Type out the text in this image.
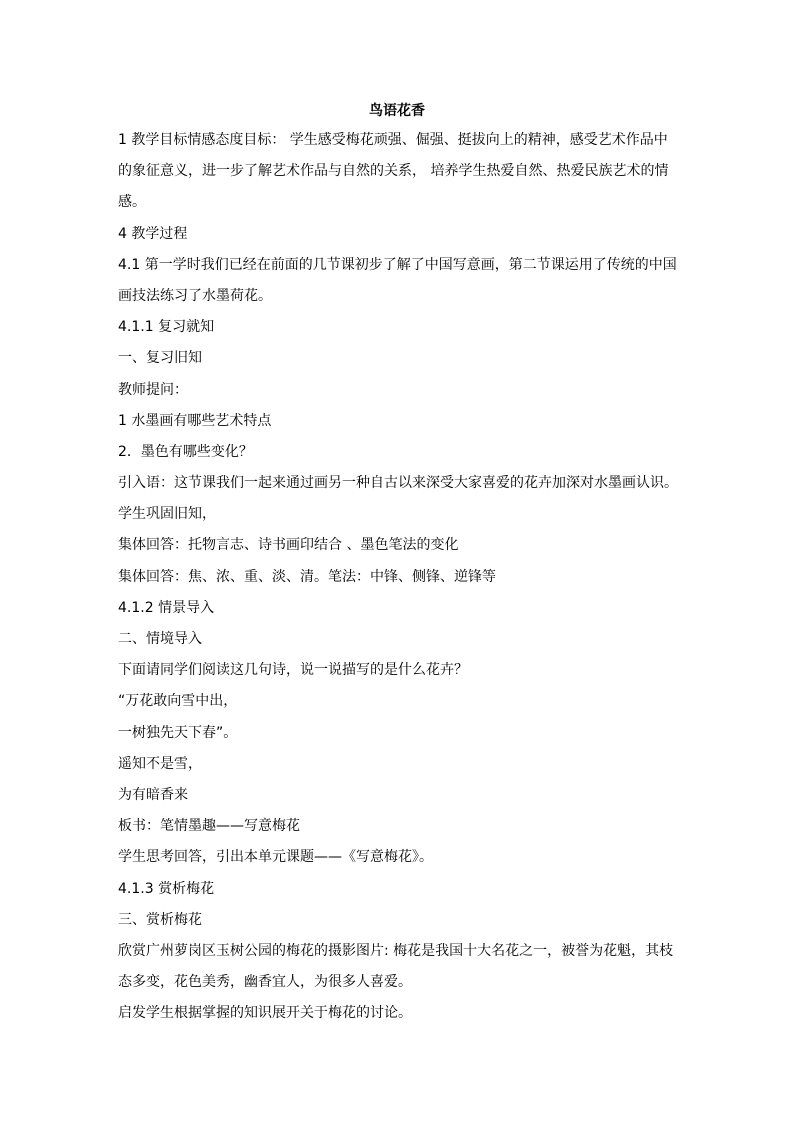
鸟语花香
1 教学目标情感态度目标： 学生感受梅花顽强、倔强、挺拔向上的精神，感受艺术作品中
的象征意义，进一步了解艺术作品与自然的关系， 培养学生热爱自然、热爱民族艺术的情
感。
4 教学过程
4.1 第一学时我们已经在前面的几节课初步了解了中国写意画，第二节课运用了传统的中国
画技法练习了水墨荷花。
4.1.1 复习就知
一、复习旧知
教师提问：
1 水墨画有哪些艺术特点
2．墨色有哪些变化？
引入语：这节课我们一起来通过画另一种自古以来深受大家喜爱的花卉加深对水墨画认识。
学生巩固旧知，
集体回答：托物言志、诗书画印结合 、墨色笔法的变化
集体回答：焦、浓、重、淡、清。笔法：中锋、侧锋、逆锋等
4.1.2 情景导入
二、情境导入
下面请同学们阅读这几句诗，说一说描写的是什么花卉？
“万花敢向雪中出，
一树独先天下春”。
遥知不是雪，
为有暗香来
板书：笔情墨趣——写意梅花
学生思考回答，引出本单元课题——《写意梅花》。
4.1.3 赏析梅花
三、赏析梅花
欣赏广州萝岗区玉树公园的梅花的摄影图片: 梅花是我国十大名花之一，被誉为花魁，其枝
态多变，花色美秀，幽香宜人，为很多人喜爱。
启发学生根据掌握的知识展开关于梅花的讨论。
